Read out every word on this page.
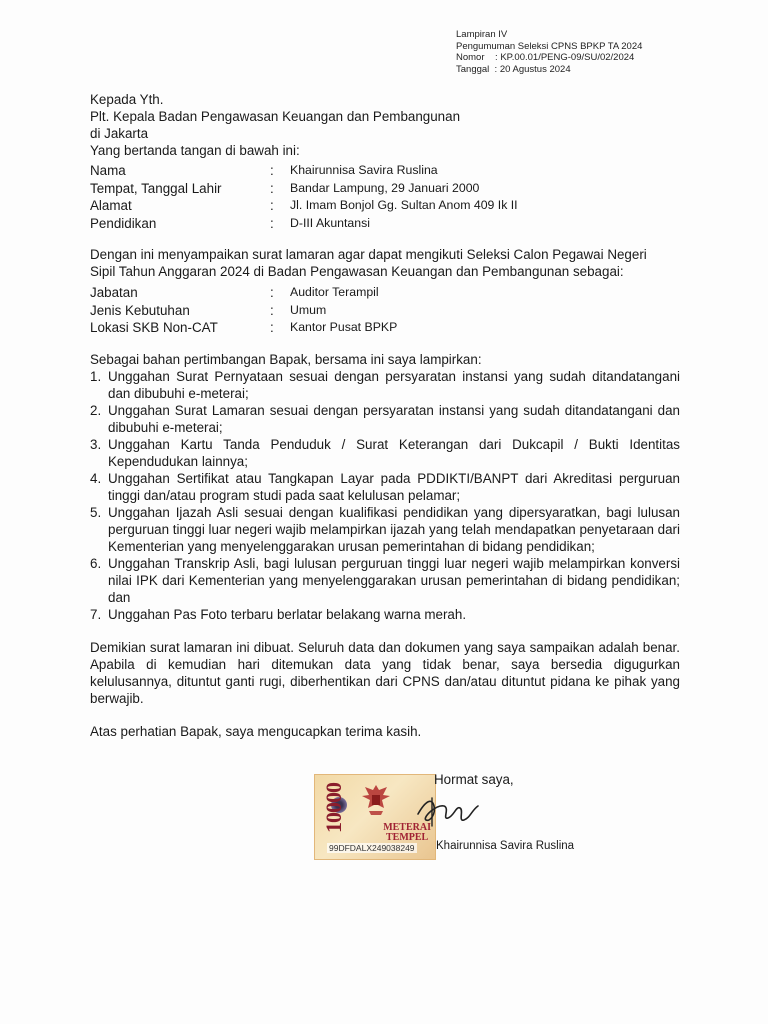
Lampiran IV
Pengumuman Seleksi CPNS BPKP TA 2024
Nomor    : KP.00.01/PENG-09/SU/02/2024
Tanggal  : 20 Agustus 2024
Kepada Yth.
Plt. Kepala Badan Pengawasan Keuangan dan Pembangunan
di Jakarta
Yang bertanda tangan di bawah ini:
Nama	:	Khairunnisa Savira Ruslina
Tempat, Tanggal Lahir	:	Bandar Lampung, 29 Januari 2000
Alamat	:	Jl. Imam Bonjol Gg. Sultan Anom 409 Ik II
Pendidikan	:	D-III Akuntansi
Dengan ini menyampaikan surat lamaran agar dapat mengikuti Seleksi Calon Pegawai Negeri
Sipil Tahun Anggaran 2024 di Badan Pengawasan Keuangan dan Pembangunan sebagai:
Jabatan	:	Auditor Terampil
Jenis Kebutuhan	:	Umum
Lokasi SKB Non-CAT	:	Kantor Pusat BPKP
Sebagai bahan pertimbangan Bapak, bersama ini saya lampirkan:
1. Unggahan Surat Pernyataan sesuai dengan persyaratan instansi yang sudah ditandatangani dan dibubuhi e-meterai;
2. Unggahan Surat Lamaran sesuai dengan persyaratan instansi yang sudah ditandatangani dan dibubuhi e-meterai;
3. Unggahan Kartu Tanda Penduduk / Surat Keterangan dari Dukcapil / Bukti Identitas Kependudukan lainnya;
4. Unggahan Sertifikat atau Tangkapan Layar pada PDDIKTI/BANPT dari Akreditasi perguruan tinggi dan/atau program studi pada saat kelulusan pelamar;
5. Unggahan Ijazah Asli sesuai dengan kualifikasi pendidikan yang dipersyaratkan, bagi lulusan perguruan tinggi luar negeri wajib melampirkan ijazah yang telah mendapatkan penyetaraan dari Kementerian yang menyelenggarakan urusan pemerintahan di bidang pendidikan;
6. Unggahan Transkrip Asli, bagi lulusan perguruan tinggi luar negeri wajib melampirkan konversi nilai IPK dari Kementerian yang menyelenggarakan urusan pemerintahan di bidang pendidikan; dan
7. Unggahan Pas Foto terbaru berlatar belakang warna merah.
Demikian surat lamaran ini dibuat. Seluruh data dan dokumen yang saya sampaikan adalah benar. Apabila di kemudian hari ditemukan data yang tidak benar, saya bersedia digugurkan kelulusannya, dituntut ganti rugi, diberhentikan dari CPNS dan/atau dituntut pidana ke pihak yang berwajib.
Atas perhatian Bapak, saya mengucapkan terima kasih.
10000	METERAI
TEMPEL
99DFDALX249038249
Hormat saya,
Khairunnisa Savira Ruslina
